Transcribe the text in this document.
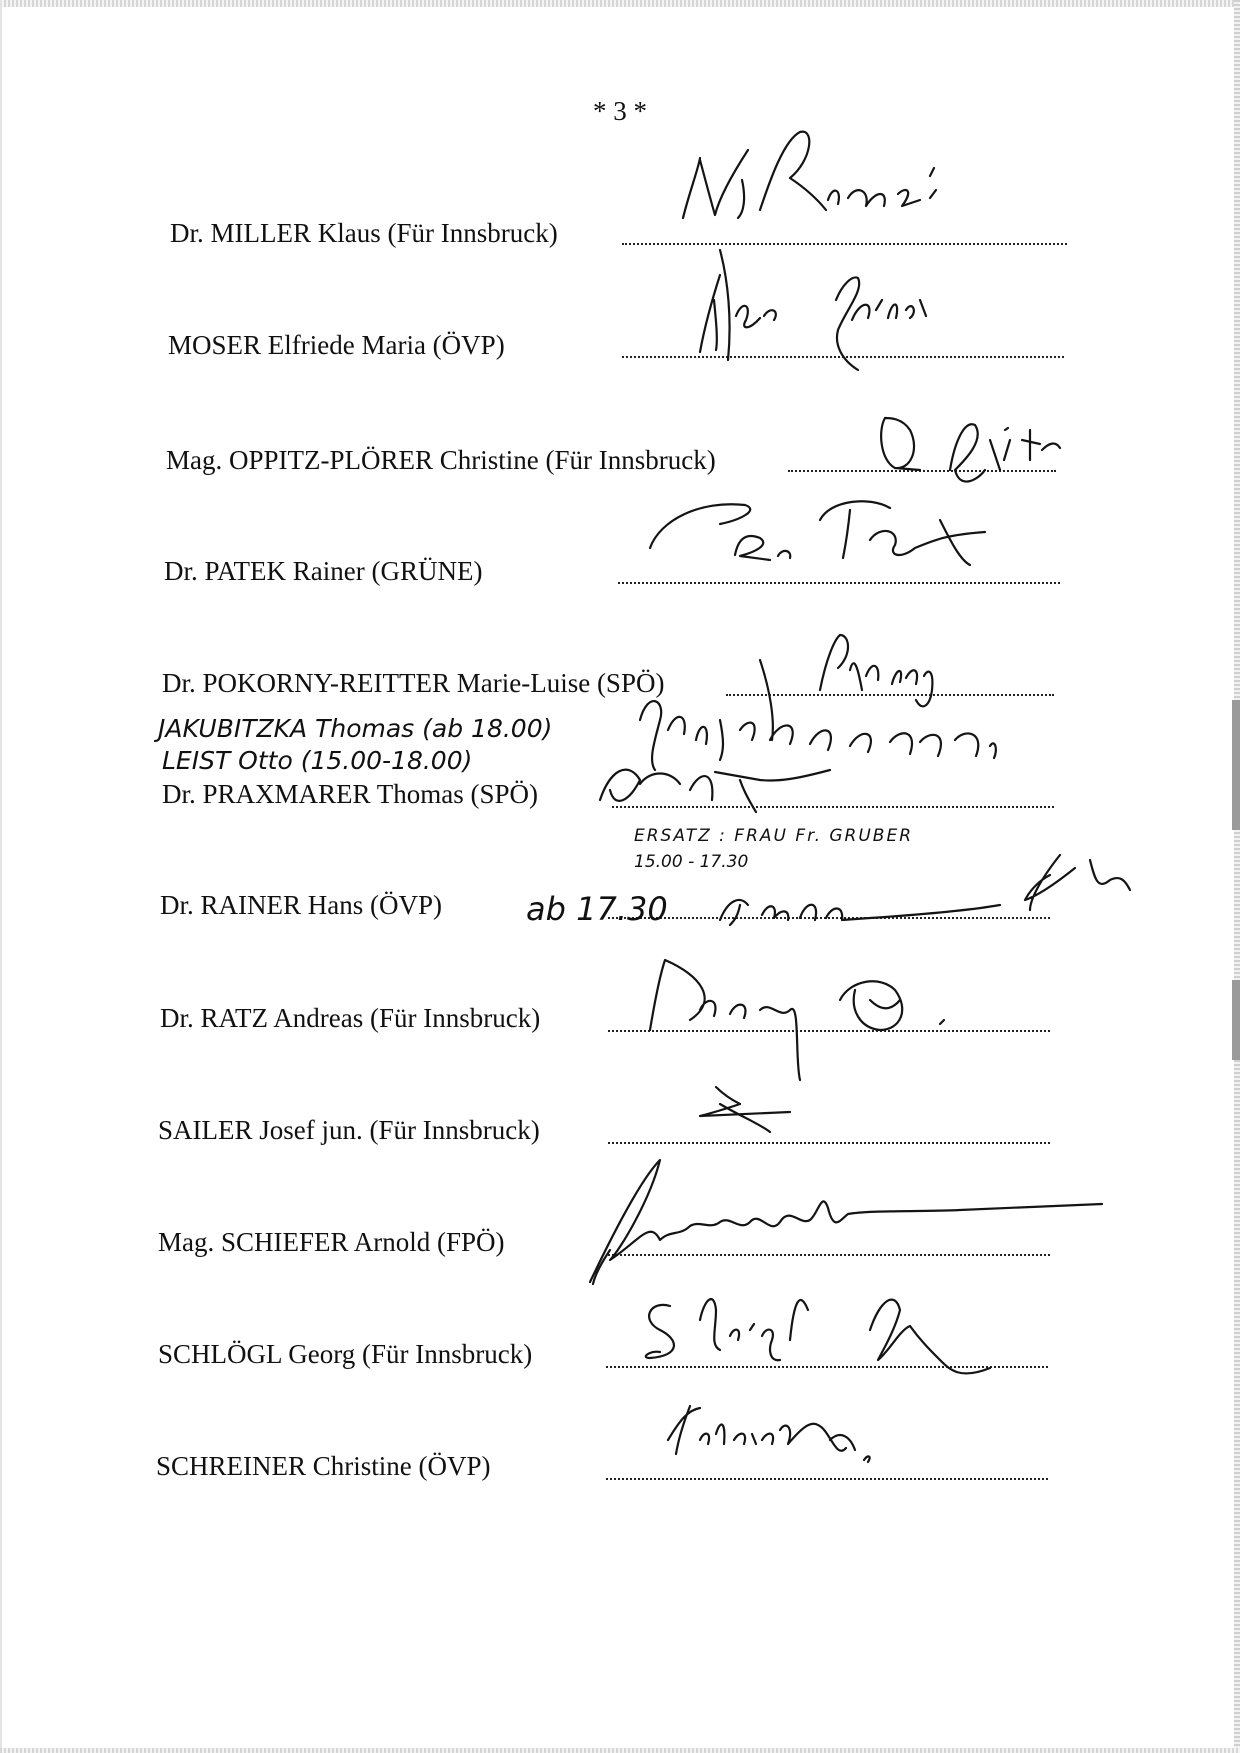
* 3 *
Dr. MILLER Klaus (Für Innsbruck)
MOSER Elfriede Maria (ÖVP)
Mag. OPPITZ-PLÖRER Christine (Für Innsbruck)
Dr. PATEK Rainer (GRÜNE)
Dr. POKORNY-REITTER Marie-Luise (SPÖ)
JAKUBITZKA Thomas (ab 18.00)
LEIST Otto (15.00-18.00)
Dr. PRAXMARER Thomas (SPÖ)
ERSATZ : FRAU Fr. GRUBER
15.00 - 17.30
Dr. RAINER Hans (ÖVP)	ab 17.30
Dr. RATZ Andreas (Für Innsbruck)
SAILER Josef jun. (Für Innsbruck)
Mag. SCHIEFER Arnold (FPÖ)
SCHLÖGL Georg (Für Innsbruck)
SCHREINER Christine (ÖVP)
